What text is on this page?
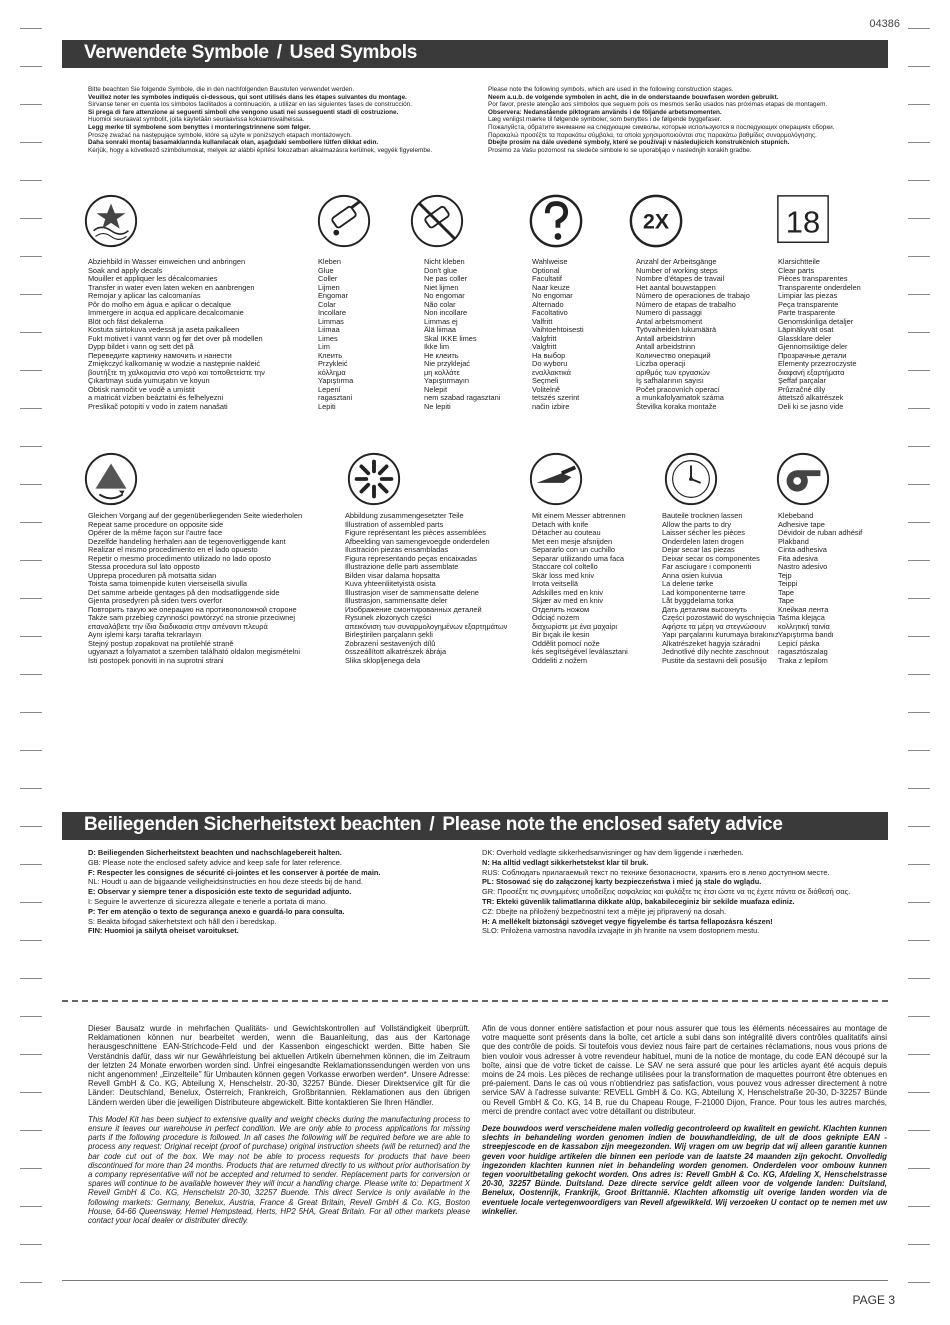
04386
Verwendete Symbole / Used Symbols

Bitte beachten Sie folgende Symbole, die in den nachfolgenden Baustufen verwendet werden.

Veuillez noter les symboles indiqués ci-dessous, qui sont utilisés dans les étapes suivantes du montage.

Sírvanse tener en cuenta los símbolos facilitados a continuación, a utilizar en las siguientes fases de construcción.

Si prega di fare attenzione ai seguenti simboli che vengono usati nei susseguenti stadi di costruzione.

Huomioi seuraavat symbolit, joita käytetään seuraavissa kokoamisvaiheissa.

Legg merke til symbolene som benyttes i monteringstrinnene som følger.

Proszę zważać na następujące symbole, które są użyte w poniższych etapach montażowych.

Daha sonraki montaj basamaklarında kullanılacak olan, aşağıdaki sembollere lütfen dikkat edin.

Kérjük, hogy a következő szimbólumokat, melyek az alábbi építési fokozatban alkalmazásra kerülnek, vegyék figyelembe.

Please note the following symbols, which are used in the following construction stages.

Neem a.u.b. de volgende symbolen in acht, die in de onderstaande bouwfasen worden gebruikt.

Por favor, preste atenção aos símbolos que seguem pois os mesmos serão usados nas próximas etapas de montagem.

Observera: Nedanstående piktogram används i de följande arbetsmomenten.

Læg venligst mærke til følgende symboler, som benyttes i de følgende byggefaser.

Пожалуйста, обратите внимание на следующие символы, которые используются в последующих операциях сборки.

Παρακαλώ προσέξτε τα παρακάτω σύμβολα, τα οποία χρησιμοποιούνται στις παρακάτω βαθμίδες συναρμολόγησης.

Dbejte prosím na dále uvedené symboly, které se používají v následujících konstrukčních stupních.

Prosimo za Vašu pozornost na sledeče simbole ki se uporabljajo v naslednjih korakih gradbe.

2X	18

Abziehbild in Wasser einweichen und anbringen

Soak and apply decals

Mouiller et appliquer les décalcomanies

Transfer in water even laten weken en aanbrengen

Remojar y aplicar las calcomanías

Pôr do molho em água e aplicar o decalque

Immergere in acqua ed applicare decalcomanie

Blöt och fäst dekalerna

Kostuta siirtokuva vedessä ja aseta paikalleen

Fukt motivet i vannt vann og før det over på modellen

Dypp bildet i vann og sett det på

Переведите картинку намочить и нанести

Zmiękczyć kalkomanię w wodzie a następnie nakleić

βουτήξτε τη χαλκομανία στο νερό και τοποθετείστε την

Çıkartmayı suda yumuşatın ve koyun

Obtisk namočit ve vodě a umístit

a matricát vízben beáztatni és felhelyezni

Preslikač potopiti v vodo in zatem nanašati

Kleben

Glue

Coller

Lijmen

Engomar

Colar

Incollare

Limmas

Liimaa

Limes

Lim

Клеить

Przykleić

κόλλημα

Yapıştırma

Lepení

ragasztani

Lepiti

Nicht kleben

Don't glue

Ne pas coller

Niet lijmen

No engomar

Não colar

Non incollare

Limmas ej

Älä liimaa

Skal IKKE limes

Ikke lim

Не клеить

Nie przyklejać

μη κολλάτε

Yapıştırmayın

Nelepit

nem szabad ragasztani

Ne lepiti

Wahlweise

Optional

Facultatif

Naar keuze

No engomar

Alternado

Facoltativo

Valfritt

Vaihtoehtoisesti

Valgfritt

Valgfritt

На выбор

Do wyboru

εναλλακτικά

Seçmeli

Volitelně

tetszés szerint

način izbire

Anzahl der Arbeitsgänge

Number of working steps

Nombre d'étapes de travail

Het aantal bouwstappen

Número de operaciones de trabajo

Número de etapas de trabalho

Numero di passaggi

Antal arbetsmoment

Työvaiheiden lukumäärä

Antall arbeidstrinn

Antall arbeidstrinn

Количество операций

Liczba operacji

αριθμός των εργασιών

İş safhalarının sayısı

Počet pracovních operací

a munkafolyamatok száma

Številka koraka montaže

Klarsichtteile

Clear parts

Pièces transparentes

Transparente onderdelen

Limpiar las piezas

Peça transparente

Parte trasparente

Genomskinliga detaljer

Läpinäkyvät osat

Glassklare deler

Gjennomsiktige deler

Прозрачные детали

Elementy przezroczyste

διαφανή εξαρτήματα

Şeffaf parçalar

Průzračné díly

áttetsző alkatrészek

Deli ki se jasno vide

Gleichen Vorgang auf der gegenüberliegenden Seite wiederholen

Repeat same procedure on opposite side

Opérer de la même façon sur l'autre face

Dezelfde handeling herhalen aan de tegenoverliggende kant

Realizar el mismo procedimiento en el lado opuesto

Repetir o mesmo procedimento utilizado no lado oposto

Stessa procedura sul lato opposto

Upprepa proceduren på motsatta sidan

Toista sama toimenpide kuten vierseisellä sivulla

Det samme arbeide gentages på den modsatliggende side

Gjenta prosedyren på siden tvers overfor

Повторить такую же операцию на противоположной стороне

Także sam przebieg czynności powtórzyć na stronie przeciwnej

επαναλάβετε την ίδια διαδικασία στην απέναντι πλευρά

Aynı işlemi karşı tarafta tekrarlayın

Stejný postup zopakovat na protilehlé straně

ugyanazt a folyamatot a szemben található oldalon megismételni

Isti postopek ponoviti in na suprotni strani

Abbildung zusammengesetzter Teile

Illustration of assembled parts

Figure représentant les pièces assemblées

Afbeelding van samengevoegde onderdelen

Ilustración piezas ensambladas

Figura representando peças encaixadas

Illustrazione delle parti assemblate

Bilden visar dalama hopsatta

Kuva yhteenliitetyistä osista

Illustrasjon viser de sammensatte delene

Illustrasjon, sammensatte deler

Изображение смонтированных деталей

Rysunek złożonych części

απεικόνιση των συναρμολογημένων εξαρτημάτων

Birleştirilen parçaların şekli

Zobrazení sestavených dílů

összeállított alkatrészek ábrája

Slika sklopljenega dela

Mit einem Messer abtrennen

Detach with knife

Détacher au couteau

Met een mesje afsnijden

Separarlo con un cuchillo

Separar utilizando uma faca

Staccare col coltello

Skär loss med kniv

Irrota veitsellä

Adskilles med en kniv

Skjær av med en kniv

Отделить ножом

Odciąć nożem

διαχωρίστε με ένα μαχαίρι

Bir bıçak ile kesin

Oddělit pomocí nože

kés segítségével leválasztani

Oddeliti z nožem

Bauteile trocknen lassen

Allow the parts to dry

Laisser sécher les pièces

Onderdelen laten drogen

Dejar secar las piezas

Deixar secar os componentes

Far asciugare i componenti

Anna osien kuivua

La delene tørke

Lad komponenterne tørre

Låt byggdelarna torka

Дать деталям высохнуть

Części pozostawić do wyschnięcia

Αφήστε τα μέρη να στεγνώσουν

Yapı parçalarını kurumaya bırakınız

Alkatrészeket hagyja száradni

Jednotlivé díly nechte zaschnout

Pustite da sestavni deli posušijo

Klebeband

Adhesive tape

Dévidoir de ruban adhésif

Plakband

Cinta adhesiva

Fita adesiva

Nastro adesivo

Tejp

Teippi

Tape

Tape

Клейкая лента

Taśma klejąca

κολλητική ταινία

Yapıştırma bandı

Lepicí páska

ragasztószalag

Traka z lepilom

Beiliegenden Sicherheitstext beachten / Please note the enclosed safety advice

D: Beiliegenden Sicherheitstext beachten und nachschlagebereit halten.

GB: Please note the enclosed safety advice and keep safe for later reference.

F: Respecter les consignes de sécurité ci-jointes et les conserver à portée de main.

NL: Houdt u aan de bijgaande veiligheidsinstructies en hou deze steeds bij de hand.

E: Observar y siempre tener a disposición este texto de seguridad adjunto.

I: Seguire le avvertenze di sicurezza allegate e tenerle a portata di mano.

P: Ter em atenção o texto de segurança anexo e guardá-lo para consulta.

S: Beakta bifogad säkerhetstext och håll den i beredskap.

FIN: Huomioi ja säilytä oheiset varoitukset.

DK: Overhold vedlagte sikkerhedsanvisninger og hav dem liggende i nærheden.

N: Ha alltid vedlagt sikkerhetstekst klar til bruk.

RUS: Соблюдать прилагаемый текст по технике безопасности, хранить его в легко доступном месте.

PL: Stosować się do załączonej karty bezpieczeństwa i mieć ją stale do wglądu.

GR: Προσέξτε τις συνημμένες υποδείξεις ασφαλείας και φυλάξτε τις έτσι ώστε να τις έχετε πάντα σε διάθεσή σας.

TR: Ekteki güvenlik talimatlarına dikkate alüp, bakabileceginiz bir sekilde muafaza ediniz.

CZ: Dbejte na přiložený bezpečnostní text a mějte jej připravený na dosah.

H: A mellékelt biztonsági szöveget vegye figyelembe és tartsa fellapozásra készen!

SLO: Priložena varnostna navodila izvajajte in jih hranite na vsem dostopnem mestu.

Dieser Bausatz wurde in mehrfachen Qualitäts- und Gewichtskontrollen auf Vollständigkeit überprüft. Reklamationen können nur bearbeitet werden, wenn die Bauanleitung, das aus der Kartonage herausgeschnittene EAN-Strichcode-Feld und der Kassenbon eingeschickt werden. Bitte haben Sie Verständnis dafür, dass wir nur Gewährleistung bei aktuellen Artikeln übernehmen können, die im Zeitraum der letzten 24 Monate erworben worden sind. Unfrei eingesandte Reklamationssendungen werden von uns nicht angenommen! „Einzelteile" für Umbauten können gegen Vorkasse erworben werden*. Unsere Adresse: Revell GmbH & Co. KG, Abteilung X, Henschelstr. 20-30, 32257 Bünde. Dieser Direktservice gilt für die Länder: Deutschland, Benelux, Österreich, Frankreich, Großbritannien. Reklamationen aus den übrigen Ländern werden über die jeweiligen Distributeure abgewickelt. Bitte kontaktieren Sie Ihren Händler.

This Model Kit has been subject to extensive quality and weight checks during the manufacturing process to ensure it leaves our warehouse in perfect condition. We are only able to process applications for missing parts if the following procedure is followed. In all cases the following will be required before we are able to process any request: Original receipt (proof of purchase) original instruction sheets (will be returned) and the bar code cut out of the box. We may not be able to process requests for products that have been discontinued for more than 24 months. Products that are returned directly to us without prior authorisation by a company representative will not be accepted and returned to sender. Replacement parts for conversion or spares will continue to be available however they will incur a handling charge. Please write to: Department X Revell GmbH & Co. KG, Henschelstr 20-30, 32257 Buende. This direct Service is only available in the following markets: Germany, Benelux, Austria, France & Great Britain, Revell GmbH & Co. KG, Boston House, 64-66 Queensway, Hemel Hempstead, Herts, HP2 5HA, Great Britain. For all other markets please contact your local dealer or distributer directly.

Afin de vous donner entière satisfaction et pour nous assurer que tous les éléments nécessaires au montage de votre maquette sont présents dans la boîte, cet article a subi dans son intégralité divers contrôles qualitatifs ainsi que des contrôle de poids. Si toutefois vous deviez nous faire part de certaines réclamations, nous vous prions de bien vouloir vous adresser à votre revendeur habituel, muni de la notice de montage, du code EAN découpé sur la boîte, ainsi que de votre ticket de caisse. Le SAV ne sera assuré que pour les articles ayant été acquis depuis moins de 24 mois. Les pièces de rechange utilisées pour la transformation de maquettes pourront être obtenues en pré-paiement. Dans le cas où vous n'obtiendriez pas satisfaction, vous pouvez vous adresser directement à notre service SAV à l'adresse suivante: REVELL GmbH & Co. KG, Abteilung X, Henschelstraße 20-30, D-32257 Bünde ou Revell GmbH & Co. KG, 14 B, rue du Chapeau Rouge, F-21000 Dijon, France. Pour tous les autres marchés, merci de prendre contact avec votre détaillant ou distributeur.

Deze bouwdoos werd verscheidene malen volledig gecontroleerd op kwaliteit en gewicht. Klachten kunnen slechts in behandeling worden genomen indien de bouwhandleiding, de uit de doos geknipte EAN - streepjescode en de kassabon zijn meegezonden. Wij vragen om uw begrip dat wij alleen garantie kunnen geven voor huidige artikelen die binnen een periode van de laatste 24 maanden zijn gekocht. Onvolledig ingezonden klachten kunnen niet in behandeling worden genomen. Onderdelen voor ombouw kunnen tegen vooruitbetaling gekocht worden. Ons adres is: Revell GmbH & Co. KG, Afdeling X, Henschelstrasse 20-30, 32257 Bünde. Duitsland. Deze directe service geldt alleen voor de volgende landen: Duitsland, Benelux, Oostenrijk, Frankrijk, Groot Brittannië. Klachten afkomstig uit overige landen worden via de eventuele locale vertegenwoordigers van Revell afgewikkeld. Wij verzoeken U contact op te nemen met uw winkelier.

PAGE 3
